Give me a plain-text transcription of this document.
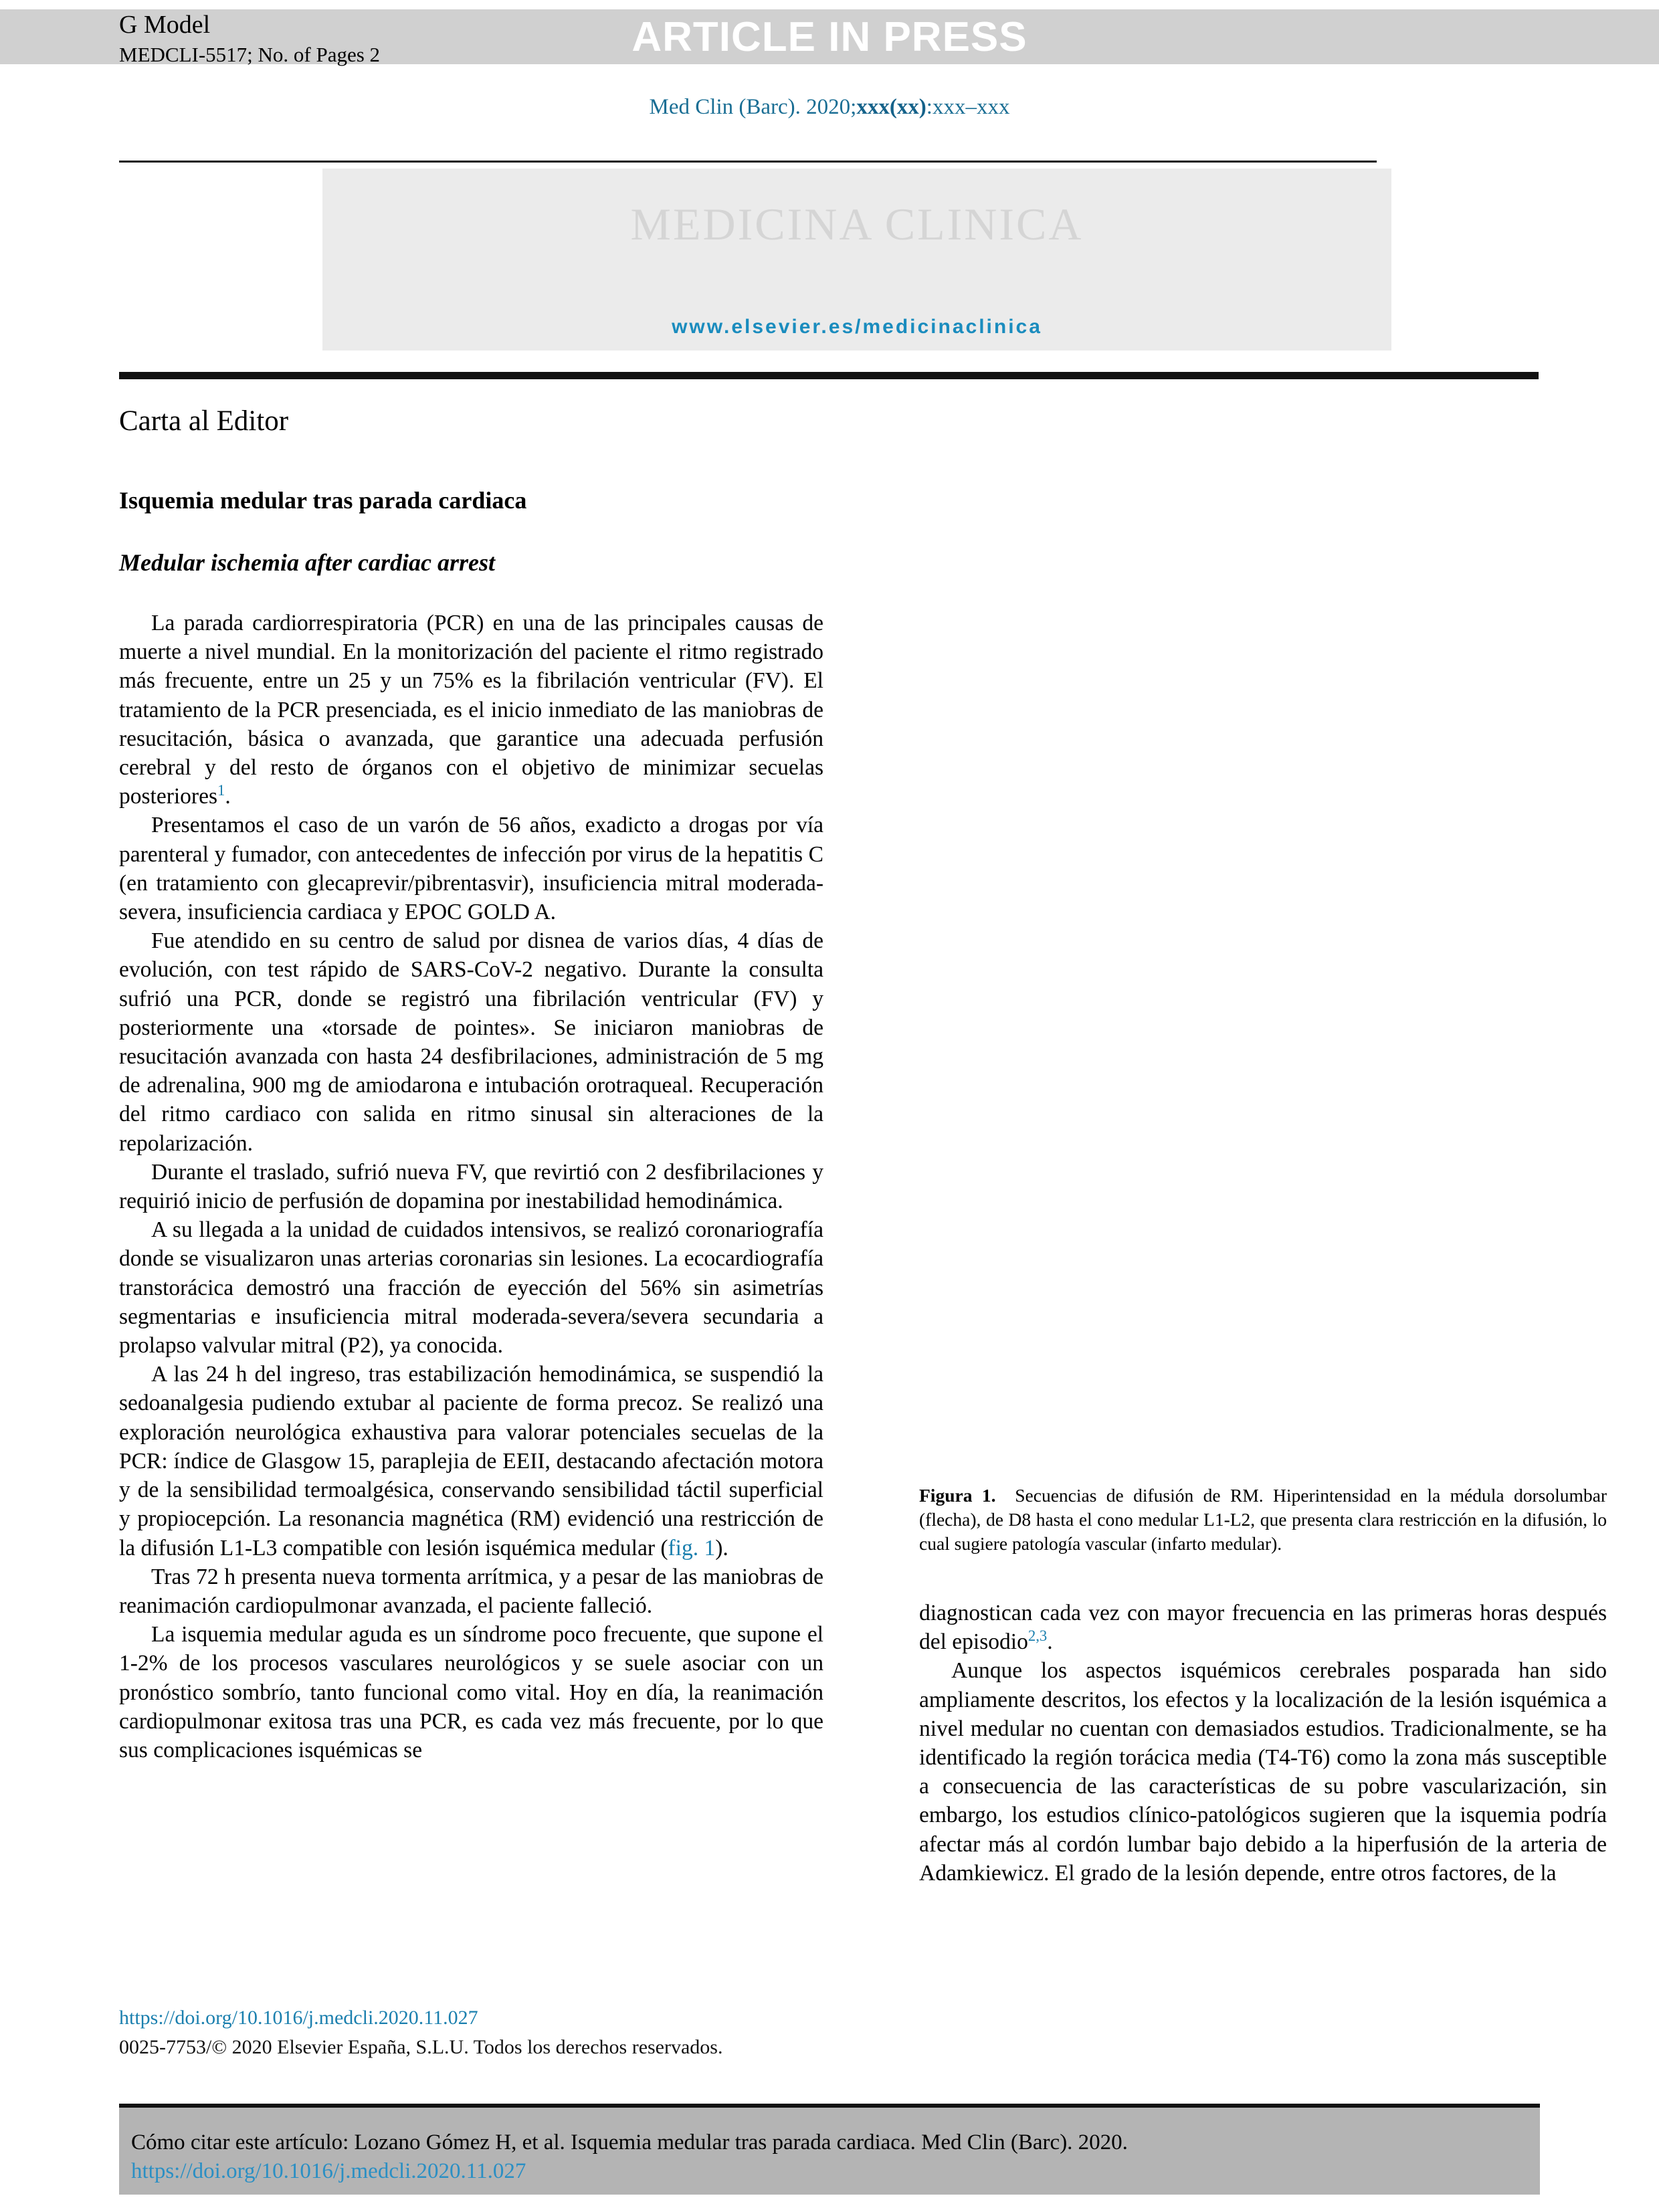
ARTICLE IN PRESS
G Model
MEDCLI-5517; No. of Pages 2
Med Clin (Barc). 2020;xxx(xx):xxx–xxx
MEDICINA CLINICA
www.elsevier.es/medicinaclinica
Carta al Editor
Isquemia medular tras parada cardiaca
Medular ischemia after cardiac arrest

La parada cardiorrespiratoria (PCR) en una de las principales causas de muerte a nivel mundial. En la monitorización del paciente el ritmo registrado más frecuente, entre un 25 y un 75% es la fibrilación ventricular (FV). El tratamiento de la PCR presenciada, es el inicio inmediato de las maniobras de resucitación, básica o avanzada, que garantice una adecuada perfusión cerebral y del resto de órganos con el objetivo de minimizar secuelas posteriores$^1$.

Presentamos el caso de un varón de 56 años, exadicto a drogas por vía parenteral y fumador, con antecedentes de infección por virus de la hepatitis C (en tratamiento con glecaprevir/pibrentasvir), insuficiencia mitral moderada-severa, insuficiencia cardiaca y EPOC GOLD A.

Fue atendido en su centro de salud por disnea de varios días, 4 días de evolución, con test rápido de SARS-CoV-2 negativo. Durante la consulta sufrió una PCR, donde se registró una fibrilación ventricular (FV) y posteriormente una «torsade de pointes». Se iniciaron maniobras de resucitación avanzada con hasta 24 desfibrilaciones, administración de 5 mg de adrenalina, 900 mg de amiodarona e intubación orotraqueal. Recuperación del ritmo cardiaco con salida en ritmo sinusal sin alteraciones de la repolarización.

Durante el traslado, sufrió nueva FV, que revirtió con 2 desfibrilaciones y requirió inicio de perfusión de dopamina por inestabilidad hemodinámica.

A su llegada a la unidad de cuidados intensivos, se realizó coronariografía donde se visualizaron unas arterias coronarias sin lesiones. La ecocardiografía transtorácica demostró una fracción de eyección del 56% sin asimetrías segmentarias e insuficiencia mitral moderada-severa/severa secundaria a prolapso valvular mitral (P2), ya conocida.

A las 24 h del ingreso, tras estabilización hemodinámica, se suspendió la sedoanalgesia pudiendo extubar al paciente de forma precoz. Se realizó una exploración neurológica exhaustiva para valorar potenciales secuelas de la PCR: índice de Glasgow 15, paraplejia de EEII, destacando afectación motora y de la sensibilidad termoalgésica, conservando sensibilidad táctil superficial y propiocepción. La resonancia magnética (RM) evidenció una restricción de la difusión L1-L3 compatible con lesión isquémica medular (fig. 1).

Tras 72 h presenta nueva tormenta arrítmica, y a pesar de las maniobras de reanimación cardiopulmonar avanzada, el paciente falleció.

La isquemia medular aguda es un síndrome poco frecuente, que supone el 1-2% de los procesos vasculares neurológicos y se suele asociar con un pronóstico sombrío, tanto funcional como vital. Hoy en día, la reanimación cardiopulmonar exitosa tras una PCR, es cada vez más frecuente, por lo que sus complicaciones isquémicas se

Figura 1. Secuencias de difusión de RM. Hiperintensidad en la médula dorsolumbar (flecha), de D8 hasta el cono medular L1-L2, que presenta clara restricción en la difusión, lo cual sugiere patología vascular (infarto medular).

diagnostican cada vez con mayor frecuencia en las primeras horas después del episodio$^{2,3}$.

Aunque los aspectos isquémicos cerebrales posparada han sido ampliamente descritos, los efectos y la localización de la lesión isquémica a nivel medular no cuentan con demasiados estudios. Tradicionalmente, se ha identificado la región torácica media (T4-T6) como la zona más susceptible a consecuencia de las características de su pobre vascularización, sin embargo, los estudios clínico-patológicos sugieren que la isquemia podría afectar más al cordón lumbar bajo debido a la hiperfusión de la arteria de Adamkiewicz. El grado de la lesión depende, entre otros factores, de la

https://doi.org/10.1016/j.medcli.2020.11.027
0025-7753/© 2020 Elsevier España, S.L.U. Todos los derechos reservados.
Cómo citar este artículo: Lozano Gómez H, et al. Isquemia medular tras parada cardiaca. Med Clin (Barc). 2020.
https://doi.org/10.1016/j.medcli.2020.11.027
